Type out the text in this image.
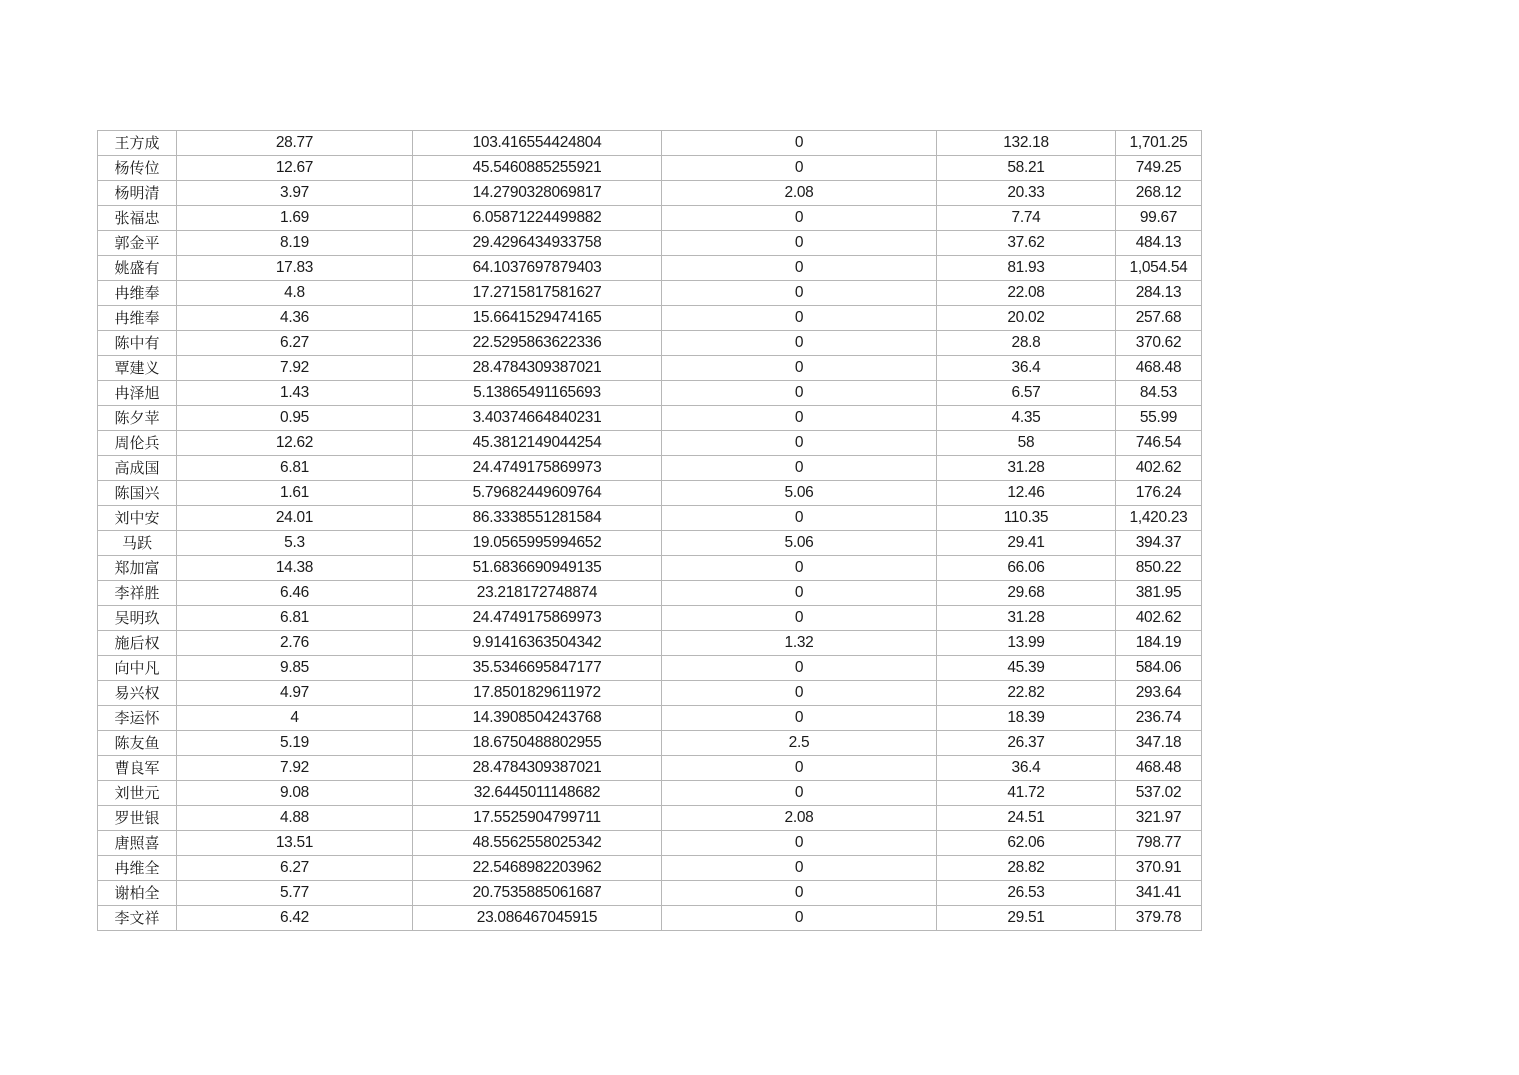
王方成	28.77	103.416554424804	0	132.18	1,701.25
杨传位	12.67	45.5460885255921	0	58.21	749.25
杨明清	3.97	14.2790328069817	2.08	20.33	268.12
张福忠	1.69	6.05871224499882	0	7.74	99.67
郭金平	8.19	29.4296434933758	0	37.62	484.13
姚盛有	17.83	64.1037697879403	0	81.93	1,054.54
冉维奉	4.8	17.2715817581627	0	22.08	284.13
冉维奉	4.36	15.6641529474165	0	20.02	257.68
陈中有	6.27	22.5295863622336	0	28.8	370.62
覃建义	7.92	28.4784309387021	0	36.4	468.48
冉泽旭	1.43	5.13865491165693	0	6.57	84.53
陈夕苹	0.95	3.40374664840231	0	4.35	55.99
周伦兵	12.62	45.3812149044254	0	58	746.54
高成国	6.81	24.4749175869973	0	31.28	402.62
陈国兴	1.61	5.79682449609764	5.06	12.46	176.24
刘中安	24.01	86.3338551281584	0	110.35	1,420.23
马跃	5.3	19.0565995994652	5.06	29.41	394.37
郑加富	14.38	51.6836690949135	0	66.06	850.22
李祥胜	6.46	23.218172748874	0	29.68	381.95
吴明玖	6.81	24.4749175869973	0	31.28	402.62
施后权	2.76	9.91416363504342	1.32	13.99	184.19
向中凡	9.85	35.5346695847177	0	45.39	584.06
易兴权	4.97	17.8501829611972	0	22.82	293.64
李运怀	4	14.3908504243768	0	18.39	236.74
陈友鱼	5.19	18.6750488802955	2.5	26.37	347.18
曹良军	7.92	28.4784309387021	0	36.4	468.48
刘世元	9.08	32.6445011148682	0	41.72	537.02
罗世银	4.88	17.5525904799711	2.08	24.51	321.97
唐照喜	13.51	48.5562558025342	0	62.06	798.77
冉维全	6.27	22.5468982203962	0	28.82	370.91
谢柏全	5.77	20.7535885061687	0	26.53	341.41
李文祥	6.42	23.086467045915	0	29.51	379.78
